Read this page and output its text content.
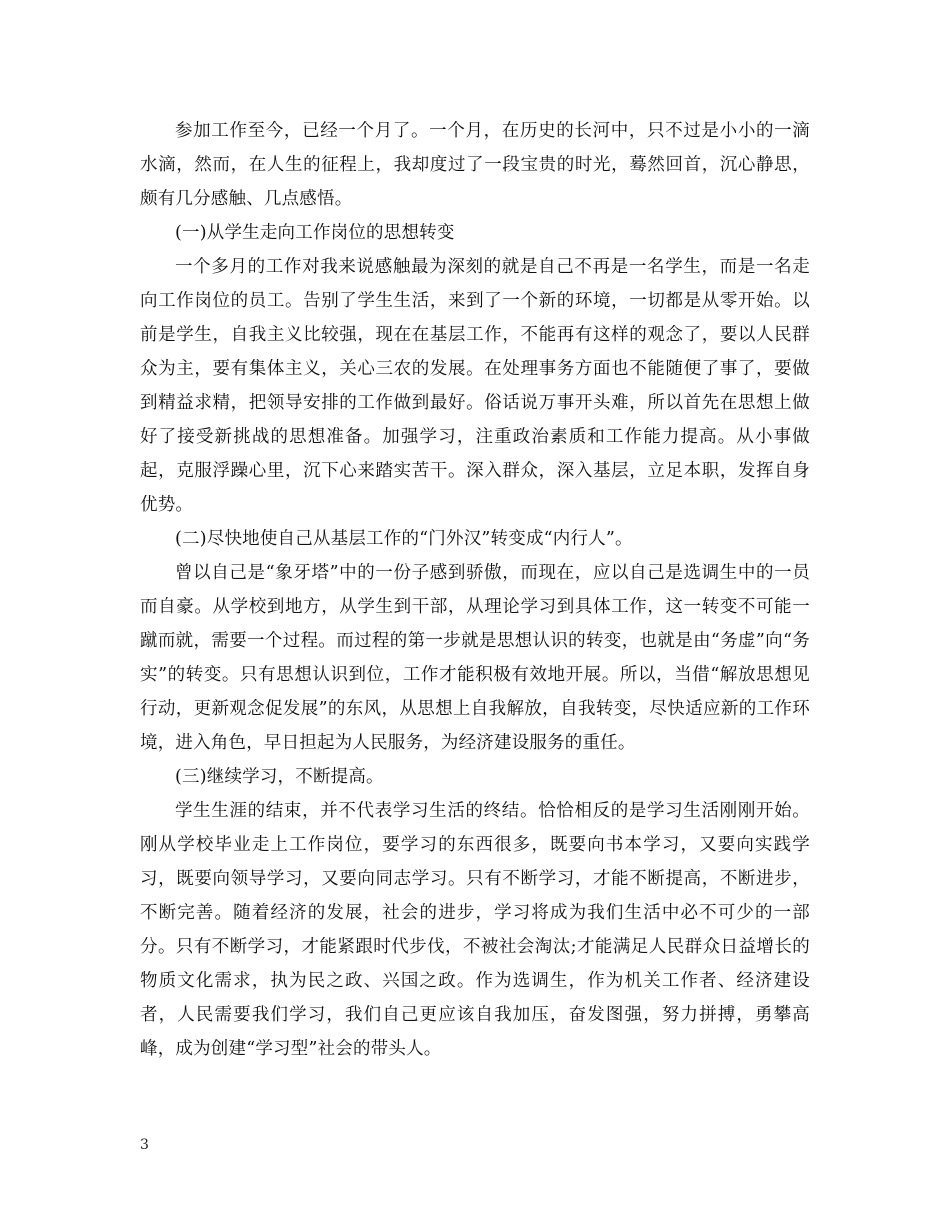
参加工作至今，已经一个月了。一个月，在历史的长河中，只不过是小小的一滴水滴，然而，在人生的征程上，我却度过了一段宝贵的时光，蓦然回首，沉心静思，颇有几分感触、几点感悟。

(一)从学生走向工作岗位的思想转变

一个多月的工作对我来说感触最为深刻的就是自己不再是一名学生，而是一名走向工作岗位的员工。告别了学生生活，来到了一个新的环境，一切都是从零开始。以前是学生，自我主义比较强，现在在基层工作，不能再有这样的观念了，要以人民群众为主，要有集体主义，关心三农的发展。在处理事务方面也不能随便了事了，要做到精益求精，把领导安排的工作做到最好。俗话说万事开头难，所以首先在思想上做好了接受新挑战的思想准备。加强学习，注重政治素质和工作能力提高。从小事做起，克服浮躁心里，沉下心来踏实苦干。深入群众，深入基层，立足本职，发挥自身优势。

(二)尽快地使自己从基层工作的“门外汉”转变成“内行人”。

曾以自己是“象牙塔”中的一份子感到骄傲，而现在，应以自己是选调生中的一员而自豪。从学校到地方，从学生到干部，从理论学习到具体工作，这一转变不可能一蹴而就，需要一个过程。而过程的第一步就是思想认识的转变，也就是由“务虚”向“务实”的转变。只有思想认识到位，工作才能积极有效地开展。所以，当借“解放思想见行动，更新观念促发展”的东风，从思想上自我解放，自我转变，尽快适应新的工作环境，进入角色，早日担起为人民服务，为经济建设服务的重任。

(三)继续学习，不断提高。

学生生涯的结束，并不代表学习生活的终结。恰恰相反的是学习生活刚刚开始。刚从学校毕业走上工作岗位，要学习的东西很多，既要向书本学习，又要向实践学习，既要向领导学习，又要向同志学习。只有不断学习，才能不断提高，不断进步，不断完善。随着经济的发展，社会的进步，学习将成为我们生活中必不可少的一部分。只有不断学习，才能紧跟时代步伐，不被社会淘汰;才能满足人民群众日益增长的物质文化需求，执为民之政、兴国之政。作为选调生，作为机关工作者、经济建设者，人民需要我们学习，我们自己更应该自我加压，奋发图强，努力拼搏，勇攀高峰，成为创建“学习型”社会的带头人。

3
